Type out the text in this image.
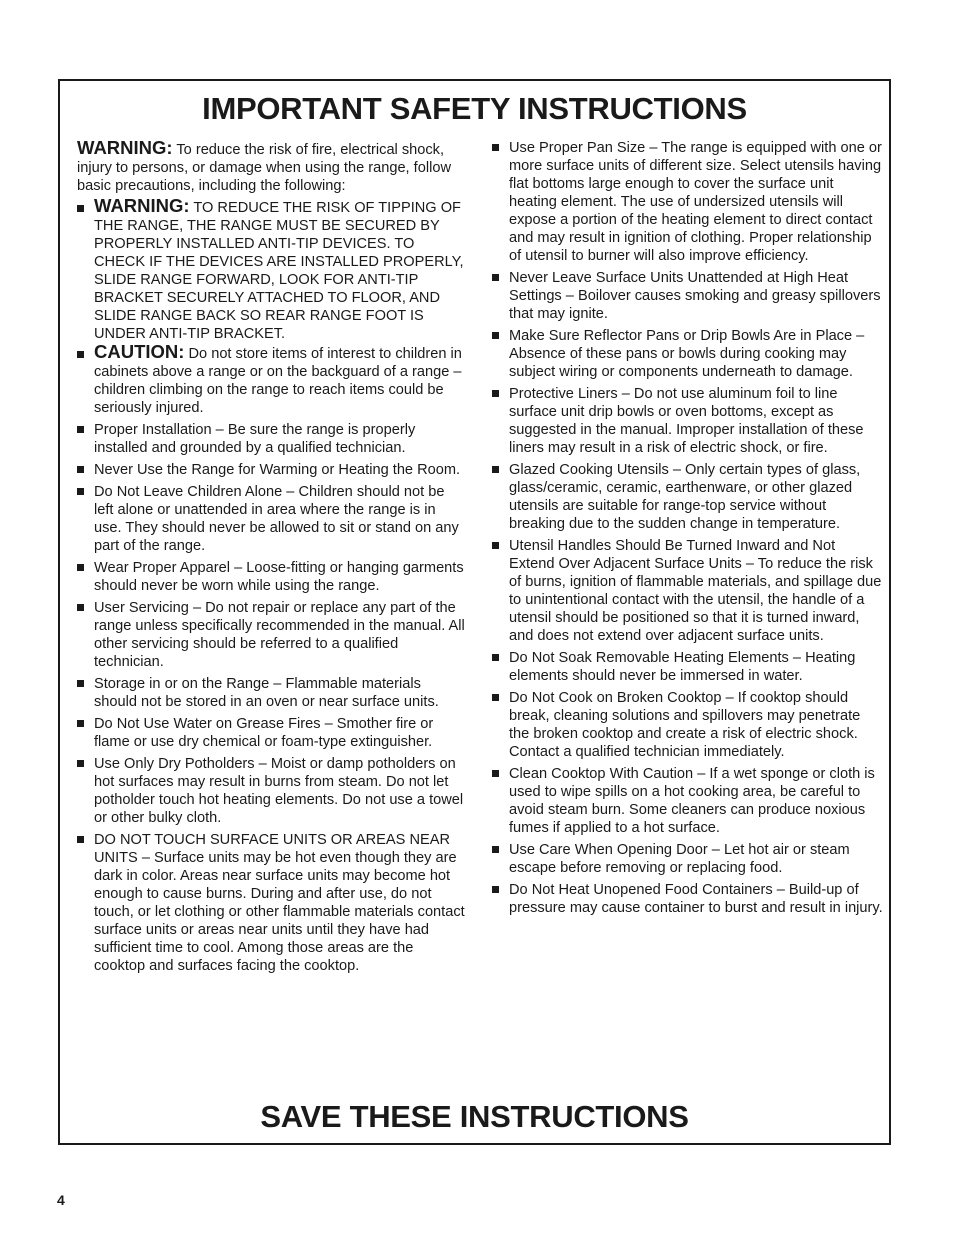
IMPORTANT SAFETY INSTRUCTIONS

WARNING: To reduce the risk of fire, electrical shock, injury to persons, or damage when using the range, follow basic precautions, including the following:

WARNING: TO REDUCE THE RISK OF TIPPING OF THE RANGE, THE RANGE MUST BE SECURED BY PROPERLY INSTALLED ANTI-TIP DEVICES. TO CHECK IF THE DEVICES ARE INSTALLED PROPERLY, SLIDE RANGE FORWARD, LOOK FOR ANTI-TIP BRACKET SECURELY ATTACHED TO FLOOR, AND SLIDE RANGE BACK SO REAR RANGE FOOT IS UNDER ANTI-TIP BRACKET.
CAUTION: Do not store items of interest to children in cabinets above a range or on the backguard of a range – children climbing on the range to reach items could be seriously injured.
Proper Installation – Be sure the range is properly installed and grounded by a qualified technician.
Never Use the Range for Warming or Heating the Room.
Do Not Leave Children Alone – Children should not be left alone or unattended in area where the range is in use. They should never be allowed to sit or stand on any part of the range.
Wear Proper Apparel – Loose-fitting or hanging garments should never be worn while using the range.
User Servicing – Do not repair or replace any part of the range unless specifically recommended in the manual. All other servicing should be referred to a qualified technician.
Storage in or on the Range – Flammable materials should not be stored in an oven or near surface units.
Do Not Use Water on Grease Fires – Smother fire or flame or use dry chemical or foam-type extinguisher.
Use Only Dry Potholders – Moist or damp potholders on hot surfaces may result in burns from steam. Do not let potholder touch hot heating elements. Do not use a towel or other bulky cloth.
DO NOT TOUCH SURFACE UNITS OR AREAS NEAR UNITS – Surface units may be hot even though they are dark in color. Areas near surface units may become hot enough to cause burns. During and after use, do not touch, or let clothing or other flammable materials contact surface units or areas near units until they have had sufficient time to cool. Among those areas are the cooktop and surfaces facing the cooktop.
Use Proper Pan Size – The range is equipped with one or more surface units of different size. Select utensils having flat bottoms large enough to cover the surface unit heating element. The use of undersized utensils will expose a portion of the heating element to direct contact and may result in ignition of clothing. Proper relationship of utensil to burner will also improve efficiency.
Never Leave Surface Units Unattended at High Heat Settings – Boilover causes smoking and greasy spillovers that may ignite.
Make Sure Reflector Pans or Drip Bowls Are in Place – Absence of these pans or bowls during cooking may subject wiring or components underneath to damage.
Protective Liners – Do not use aluminum foil to line surface unit drip bowls or oven bottoms, except as suggested in the manual. Improper installation of these liners may result in a risk of electric shock, or fire.
Glazed Cooking Utensils – Only certain types of glass, glass/ceramic, ceramic, earthenware, or other glazed utensils are suitable for range-top service without breaking due to the sudden change in temperature.
Utensil Handles Should Be Turned Inward and Not Extend Over Adjacent Surface Units – To reduce the risk of burns, ignition of flammable materials, and spillage due to unintentional contact with the utensil, the handle of a utensil should be positioned so that it is turned inward, and does not extend over adjacent surface units.
Do Not Soak Removable Heating Elements – Heating elements should never be immersed in water.
Do Not Cook on Broken Cooktop – If cooktop should break, cleaning solutions and spillovers may penetrate the broken cooktop and create a risk of electric shock. Contact a qualified technician immediately.
Clean Cooktop With Caution – If a wet sponge or cloth is used to wipe spills on a hot cooking area, be careful to avoid steam burn. Some cleaners can produce noxious fumes if applied to a hot surface.
Use Care When Opening Door – Let hot air or steam escape before removing or replacing food.
Do Not Heat Unopened Food Containers – Build-up of pressure may cause container to burst and result in injury.
SAVE THESE INSTRUCTIONS
4
